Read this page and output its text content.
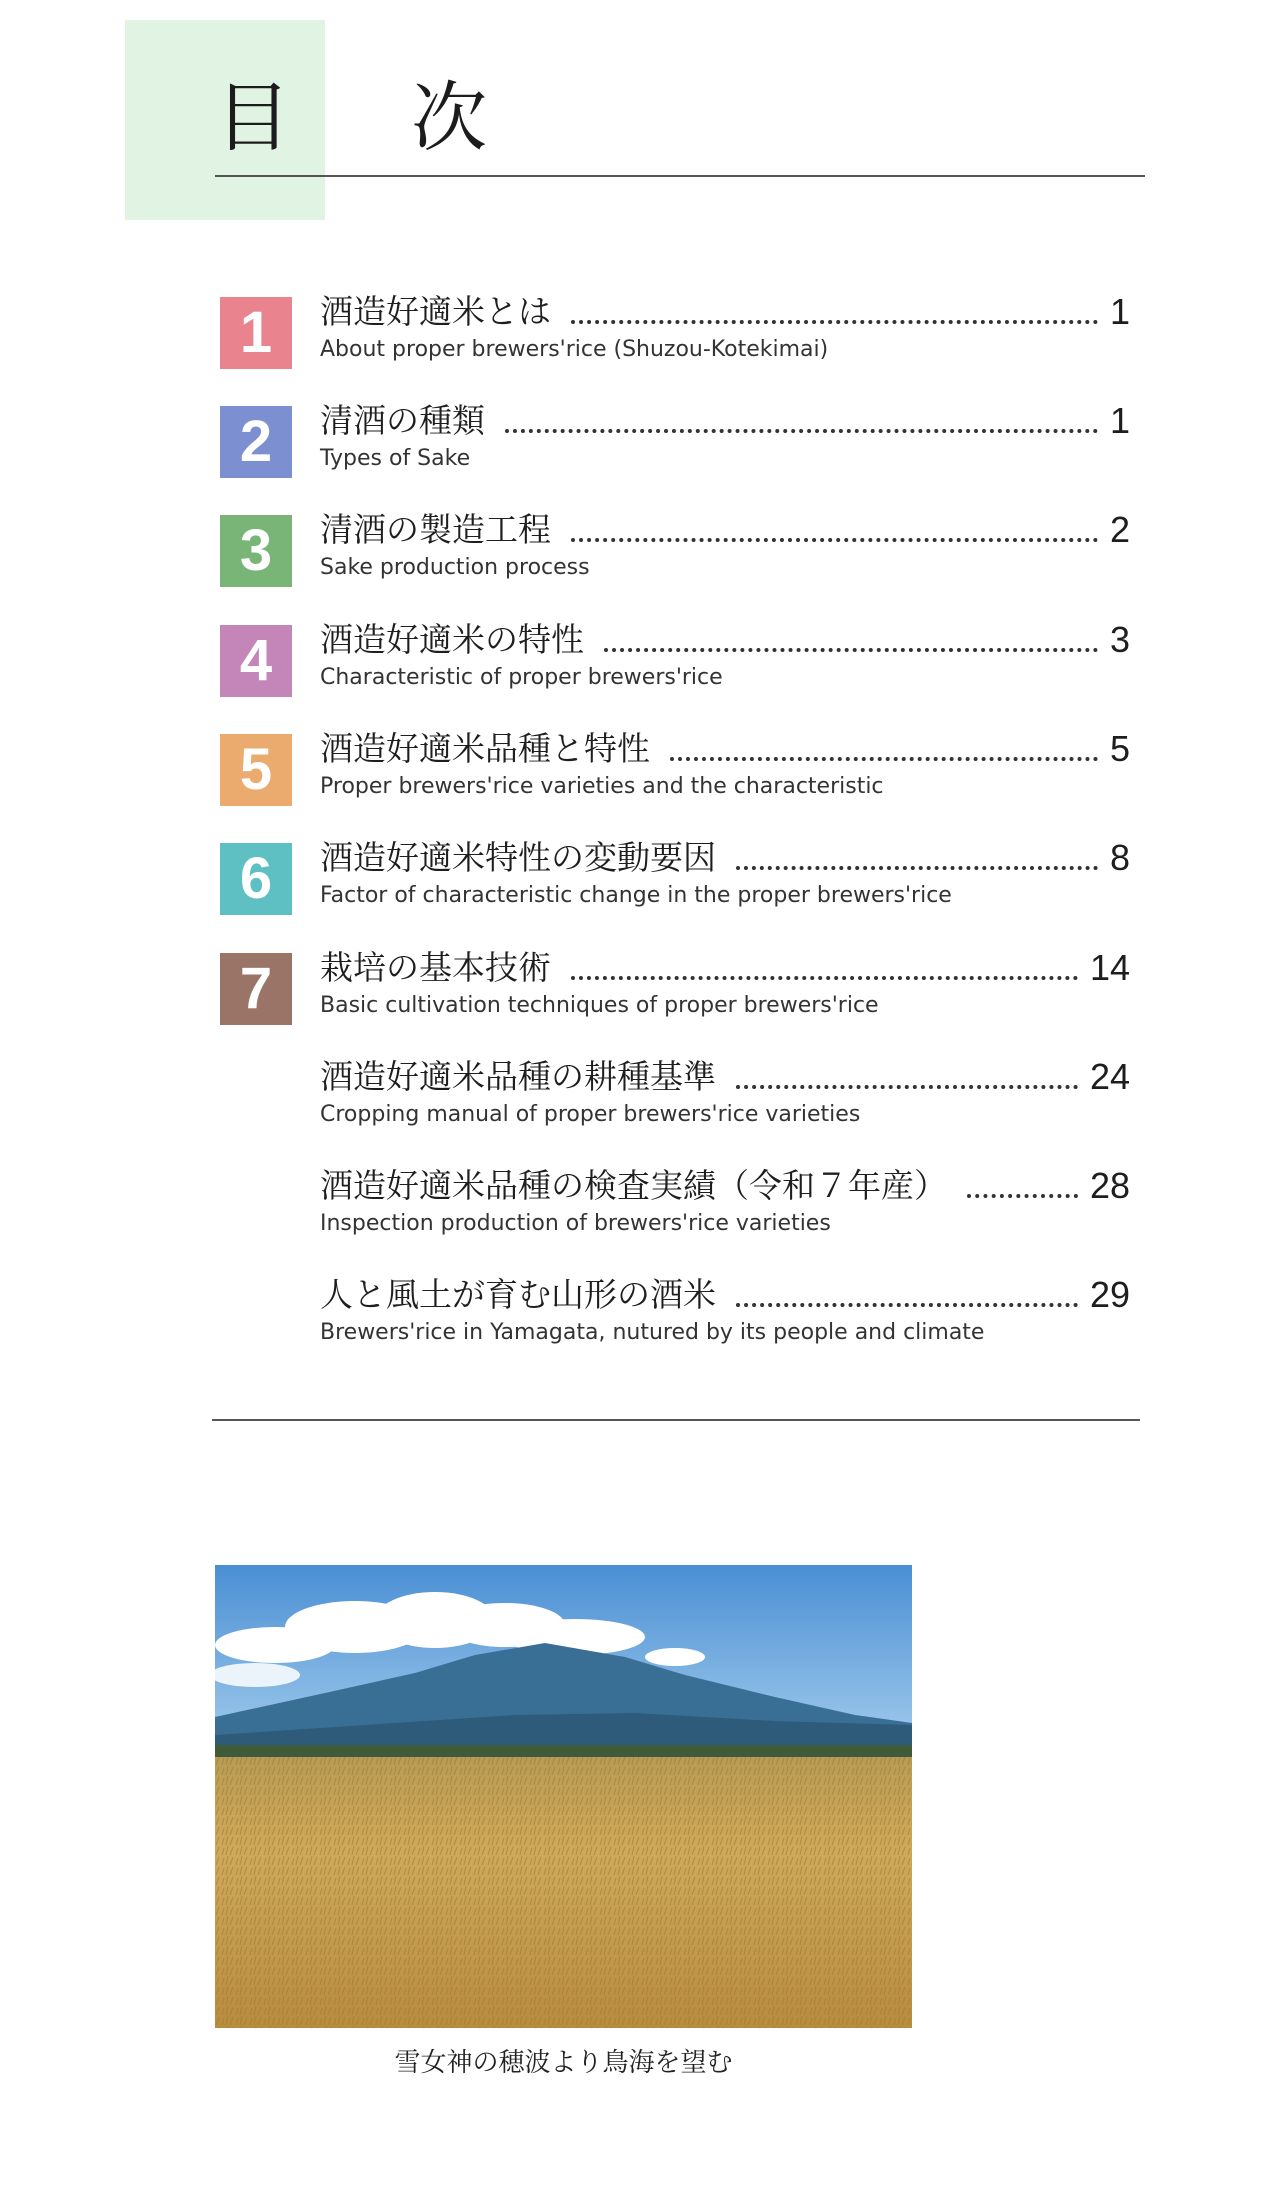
目 次
1	酒造好適米とは	1
About proper brewers'rice (Shuzou-Kotekimai)
2	清酒の種類	1
Types of Sake
3	清酒の製造工程	2
Sake production process
4	酒造好適米の特性	3
Characteristic of proper brewers'rice
5	酒造好適米品種と特性	5
Proper brewers'rice varieties and the characteristic
6	酒造好適米特性の変動要因	8
Factor of characteristic change in the proper brewers'rice
7	栽培の基本技術	14
Basic cultivation techniques of proper brewers'rice
酒造好適米品種の耕種基準	24
Cropping manual of proper brewers'rice varieties
酒造好適米品種の検査実績（令和７年産）	28
Inspection production of brewers'rice varieties
人と風土が育む山形の酒米	29
Brewers'rice in Yamagata, nutured by its people and climate
雪女神の穂波より鳥海を望む
